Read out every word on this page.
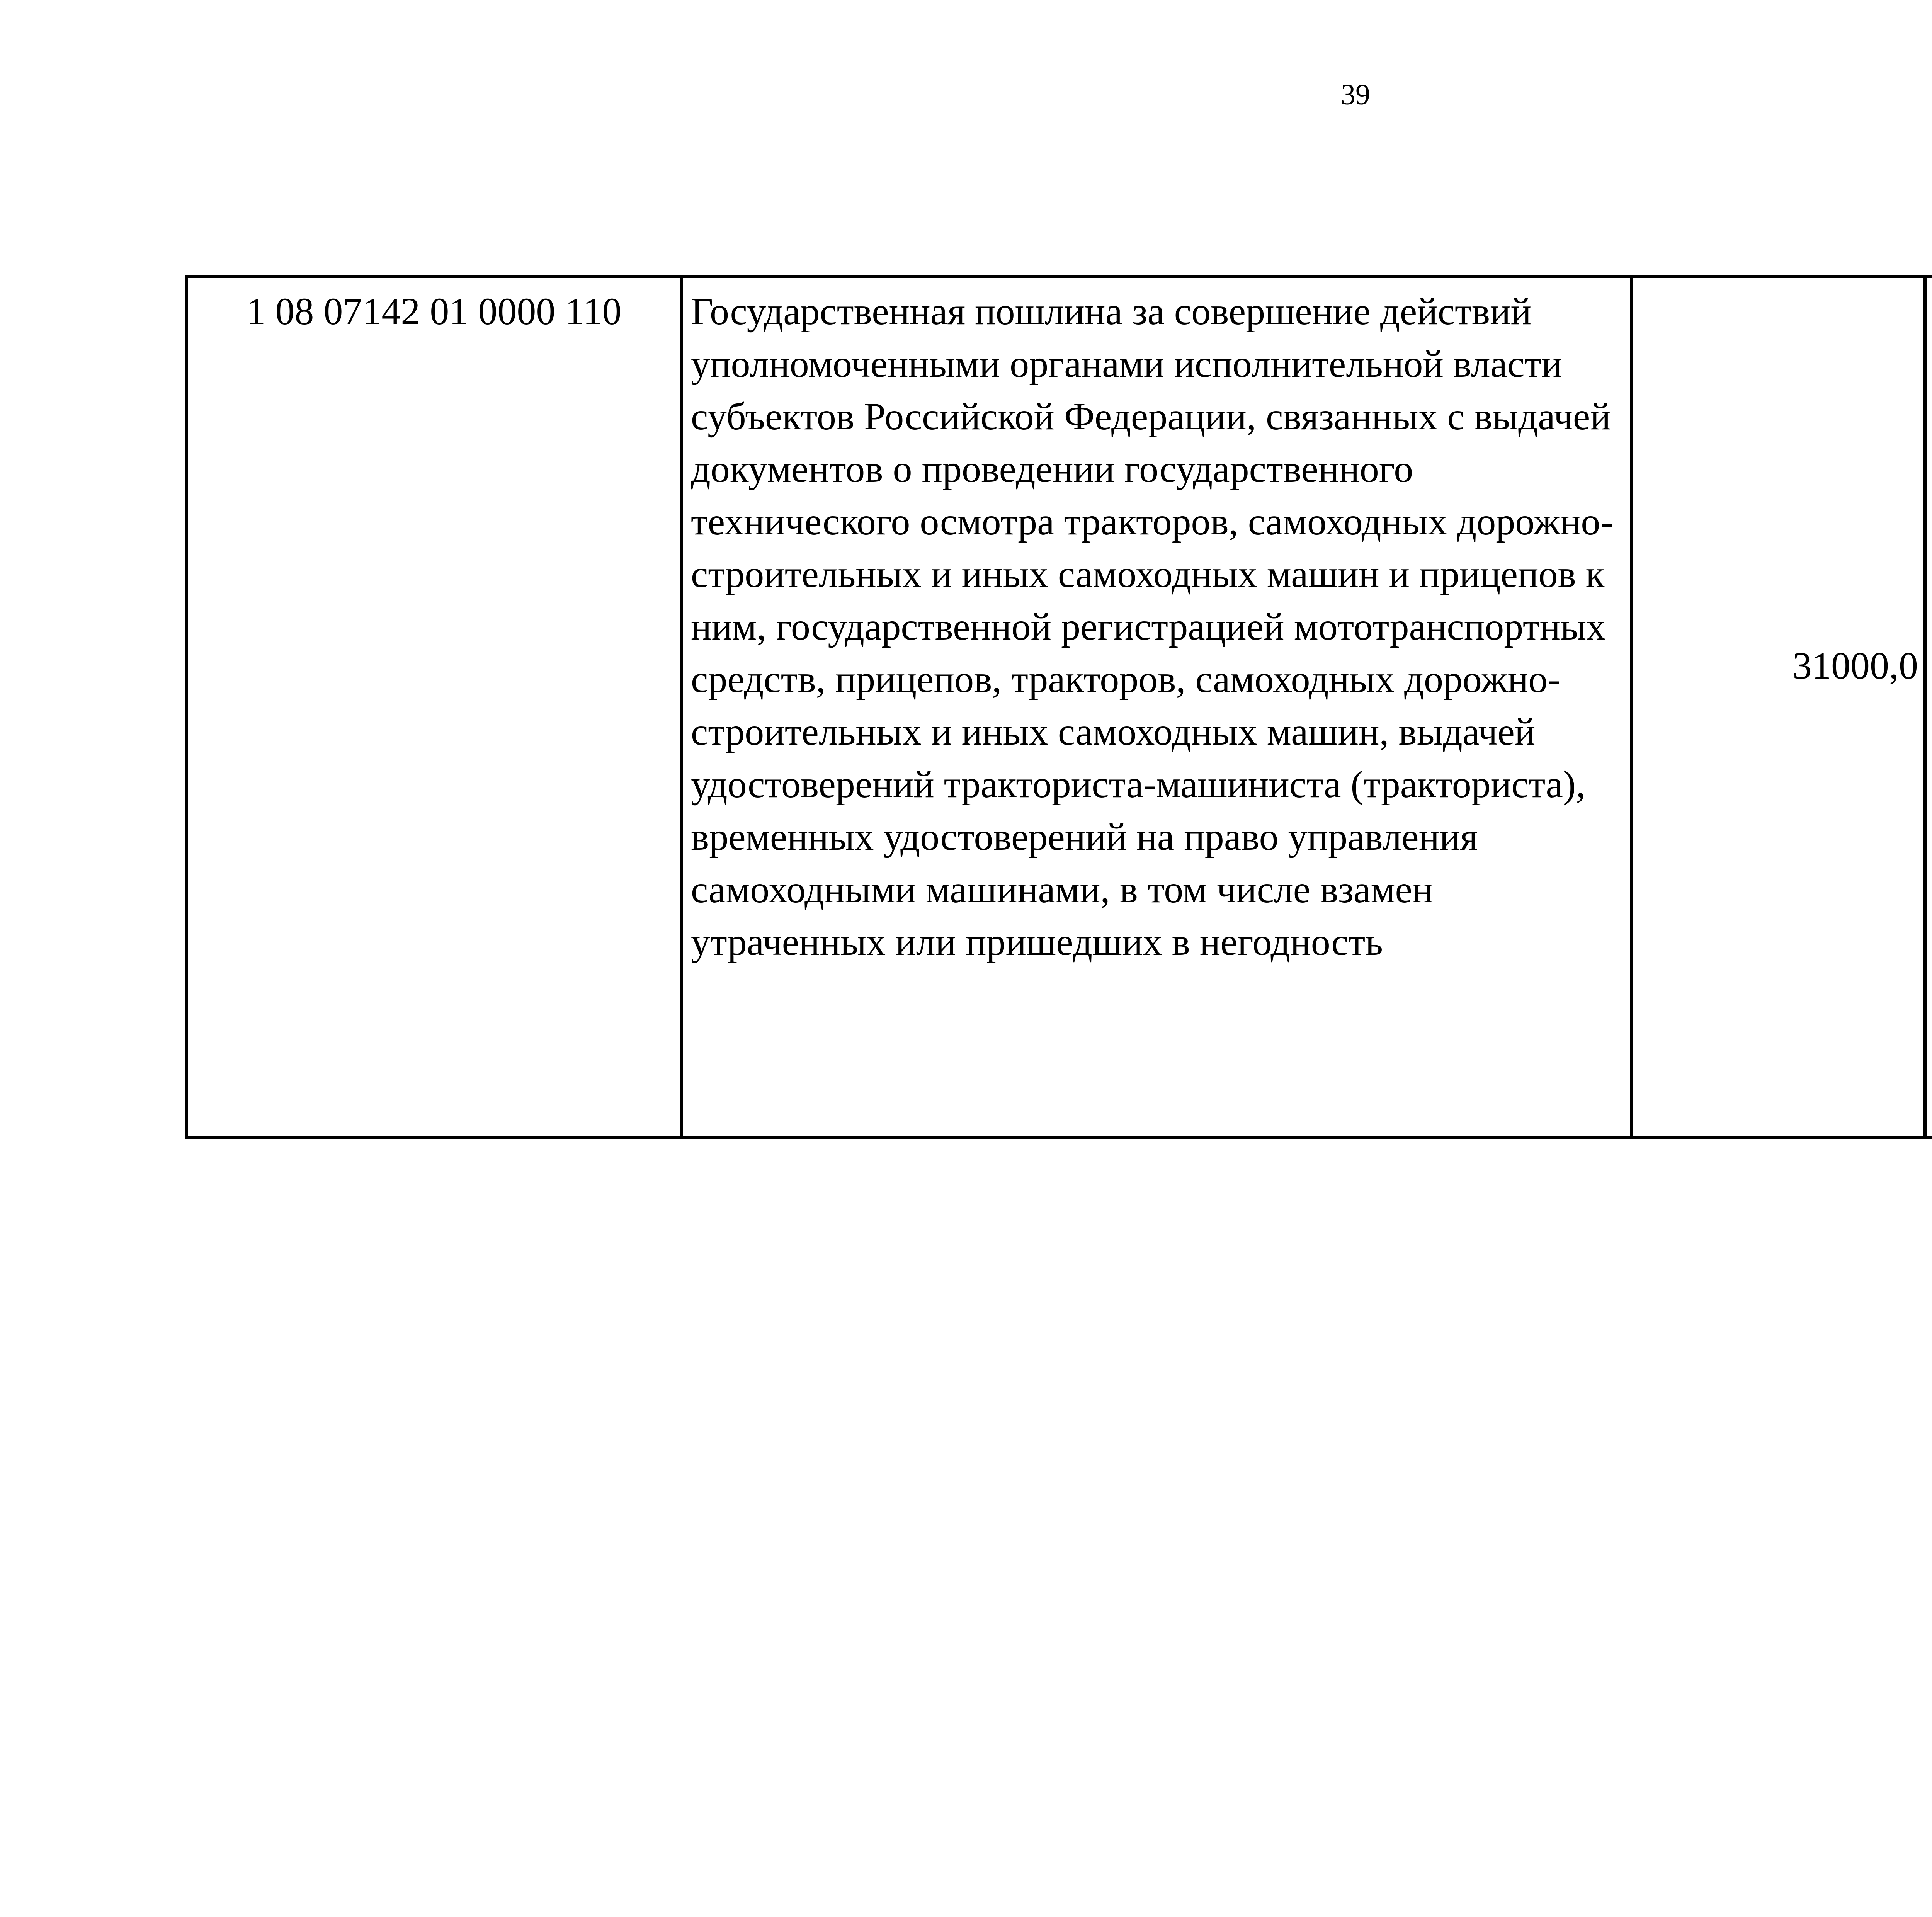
39
1 08 07142 01 0000 110	Государственная пошлина за совершение действий уполномоченными органами исполнительной власти субъектов Российской Федерации, связанных с выдачей документов о проведении государственного технического осмотра тракторов, самоходных дорожно-строительных и иных самоходных машин и прицепов к ним, государственной регистрацией мототранспортных средств, прицепов, тракторов, самоходных дорожно-строительных и иных самоходных машин, выдачей удостоверений тракториста-машиниста (тракториста), временных удостоверений на право управления самоходными машинами, в том числе взамен утраченных или пришедших в негодность	31000,0		
